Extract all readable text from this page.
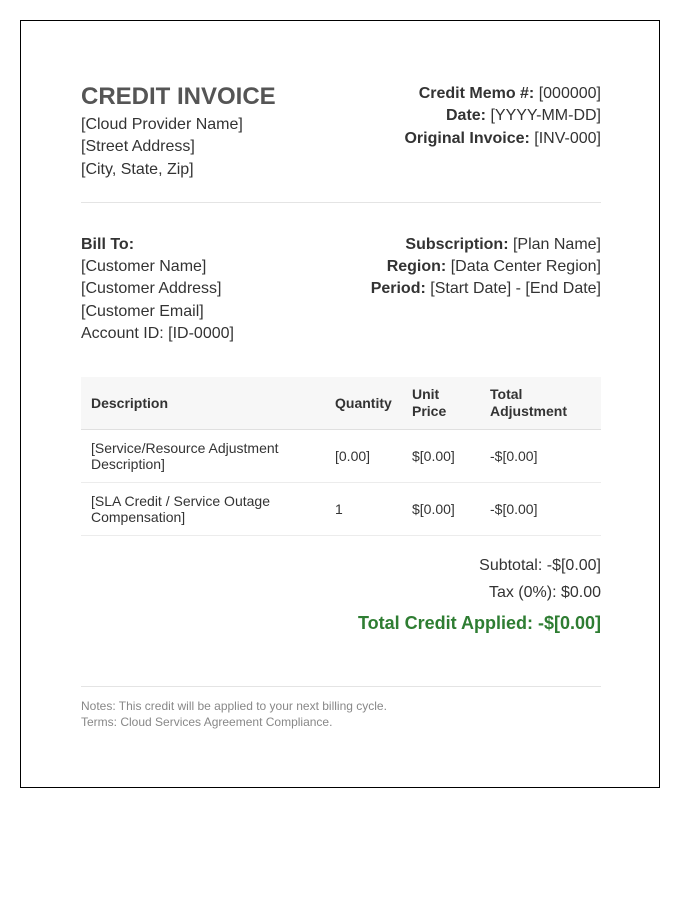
CREDIT INVOICE
[Cloud Provider Name]
[Street Address]
[City, State, Zip]
Credit Memo #: [000000]
Date: [YYYY-MM-DD]
Original Invoice: [INV-000]
Bill To:
[Customer Name]
[Customer Address]
[Customer Email]
Account ID: [ID-0000]
Subscription: [Plan Name]
Region: [Data Center Region]
Period: [Start Date] - [End Date]
Description	Quantity	Unit Price	Total Adjustment
[Service/Resource Adjustment Description]	[0.00]	$[0.00]	-$[0.00]
[SLA Credit / Service Outage Compensation]	1	$[0.00]	-$[0.00]
Subtotal: -$[0.00]
Tax (0%): $0.00
Total Credit Applied: -$[0.00]
Notes: This credit will be applied to your next billing cycle.
Terms: Cloud Services Agreement Compliance.
